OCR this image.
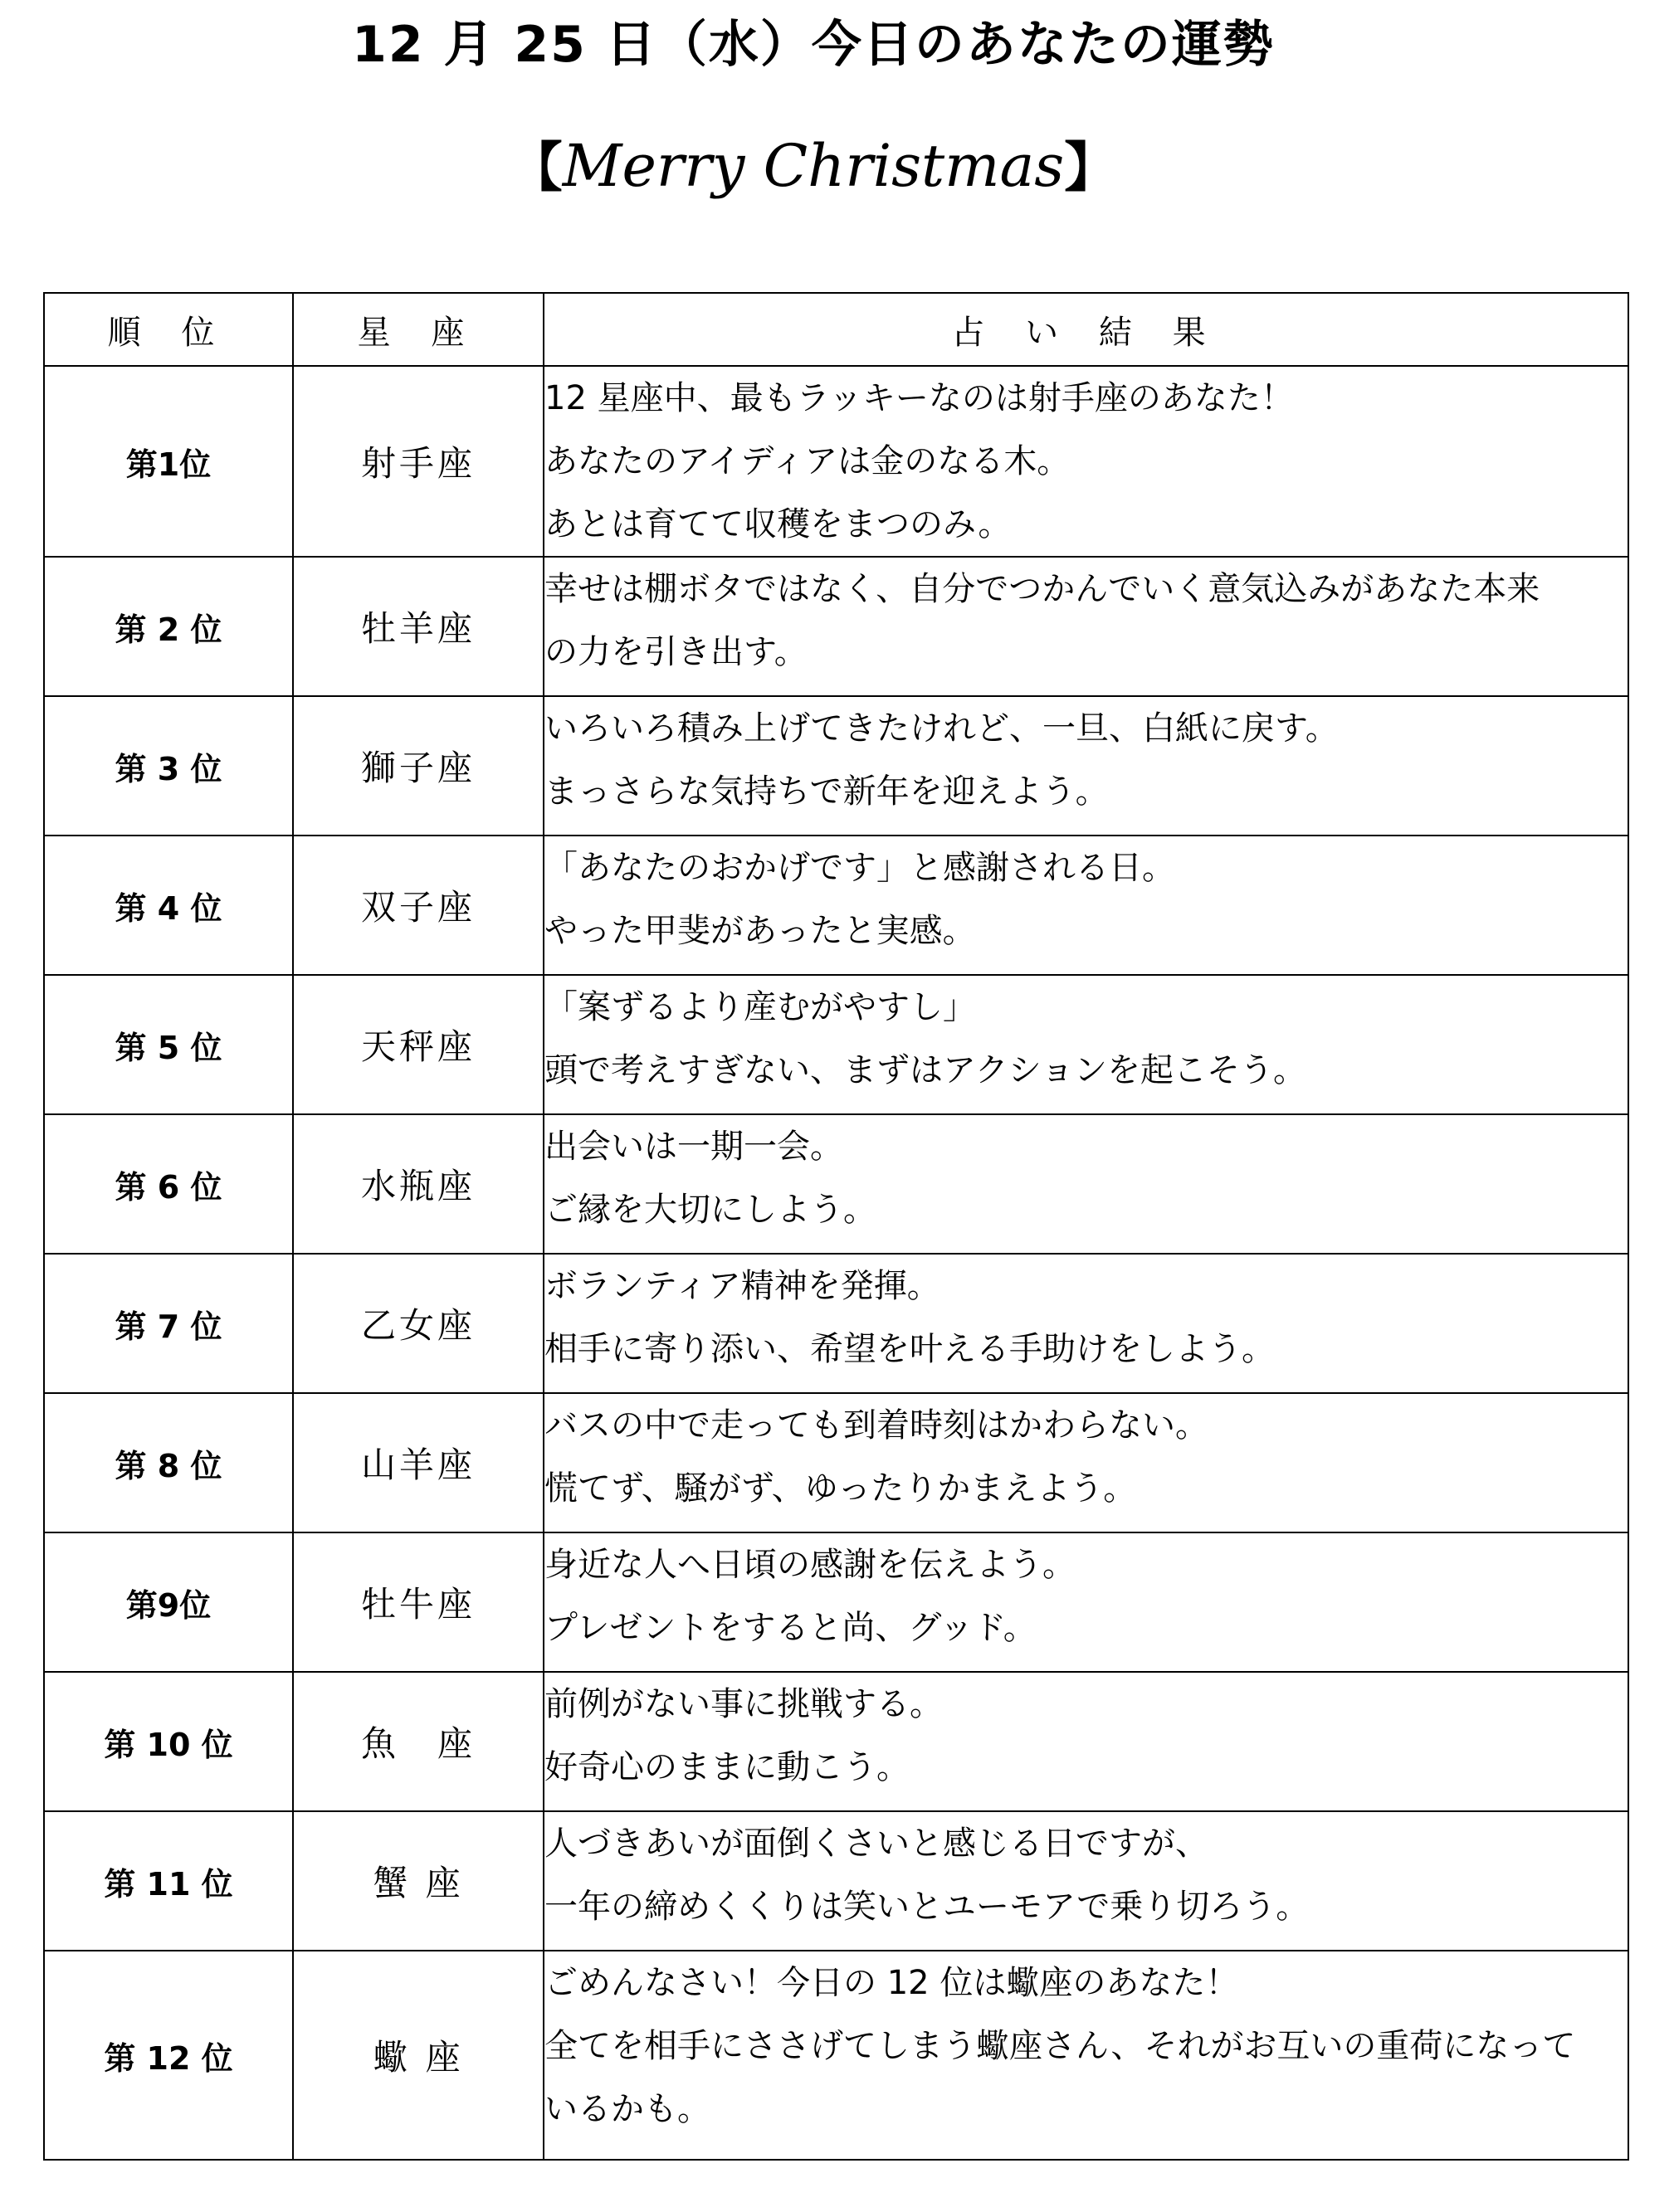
12 月 25 日（水）今日のあなたの運勢
【Merry Christmas】
順 位	星 座	占 い 結 果
第1位	射手座	12 星座中、最もラッキーなのは射手座のあなた！
あなたのアイディアは金のなる木。
あとは育てて収穫をまつのみ。

第 2 位	牡羊座	幸せは棚ボタではなく、自分でつかんでいく意気込みがあなた本来
の力を引き出す。

第 3 位	獅子座	いろいろ積み上げてきたけれど、一旦、白紙に戻す。
まっさらな気持ちで新年を迎えよう。

第 4 位	双子座	「あなたのおかげです」と感謝される日。
やった甲斐があったと実感。

第 5 位	天秤座	「案ずるより産むがやすし」
頭で考えすぎない、まずはアクションを起こそう。

第 6 位	水瓶座	出会いは一期一会。
ご縁を大切にしよう。

第 7 位	乙女座	ボランティア精神を発揮。
相手に寄り添い、希望を叶える手助けをしよう。

第 8 位	山羊座	バスの中で走っても到着時刻はかわらない。
慌てず、騒がず、ゆったりかまえよう。

第9位	牡牛座	身近な人へ日頃の感謝を伝えよう。
プレゼントをすると尚、グッド。

第 10 位	魚　座	前例がない事に挑戦する。
好奇心のままに動こう。

第 11 位	蟹 座	人づきあいが面倒くさいと感じる日ですが、
一年の締めくくりは笑いとユーモアで乗り切ろう。

第 12 位	蠍 座	ごめんなさい！今日の 12 位は蠍座のあなた！
全てを相手にささげてしまう蠍座さん、それがお互いの重荷になって
いるかも。
